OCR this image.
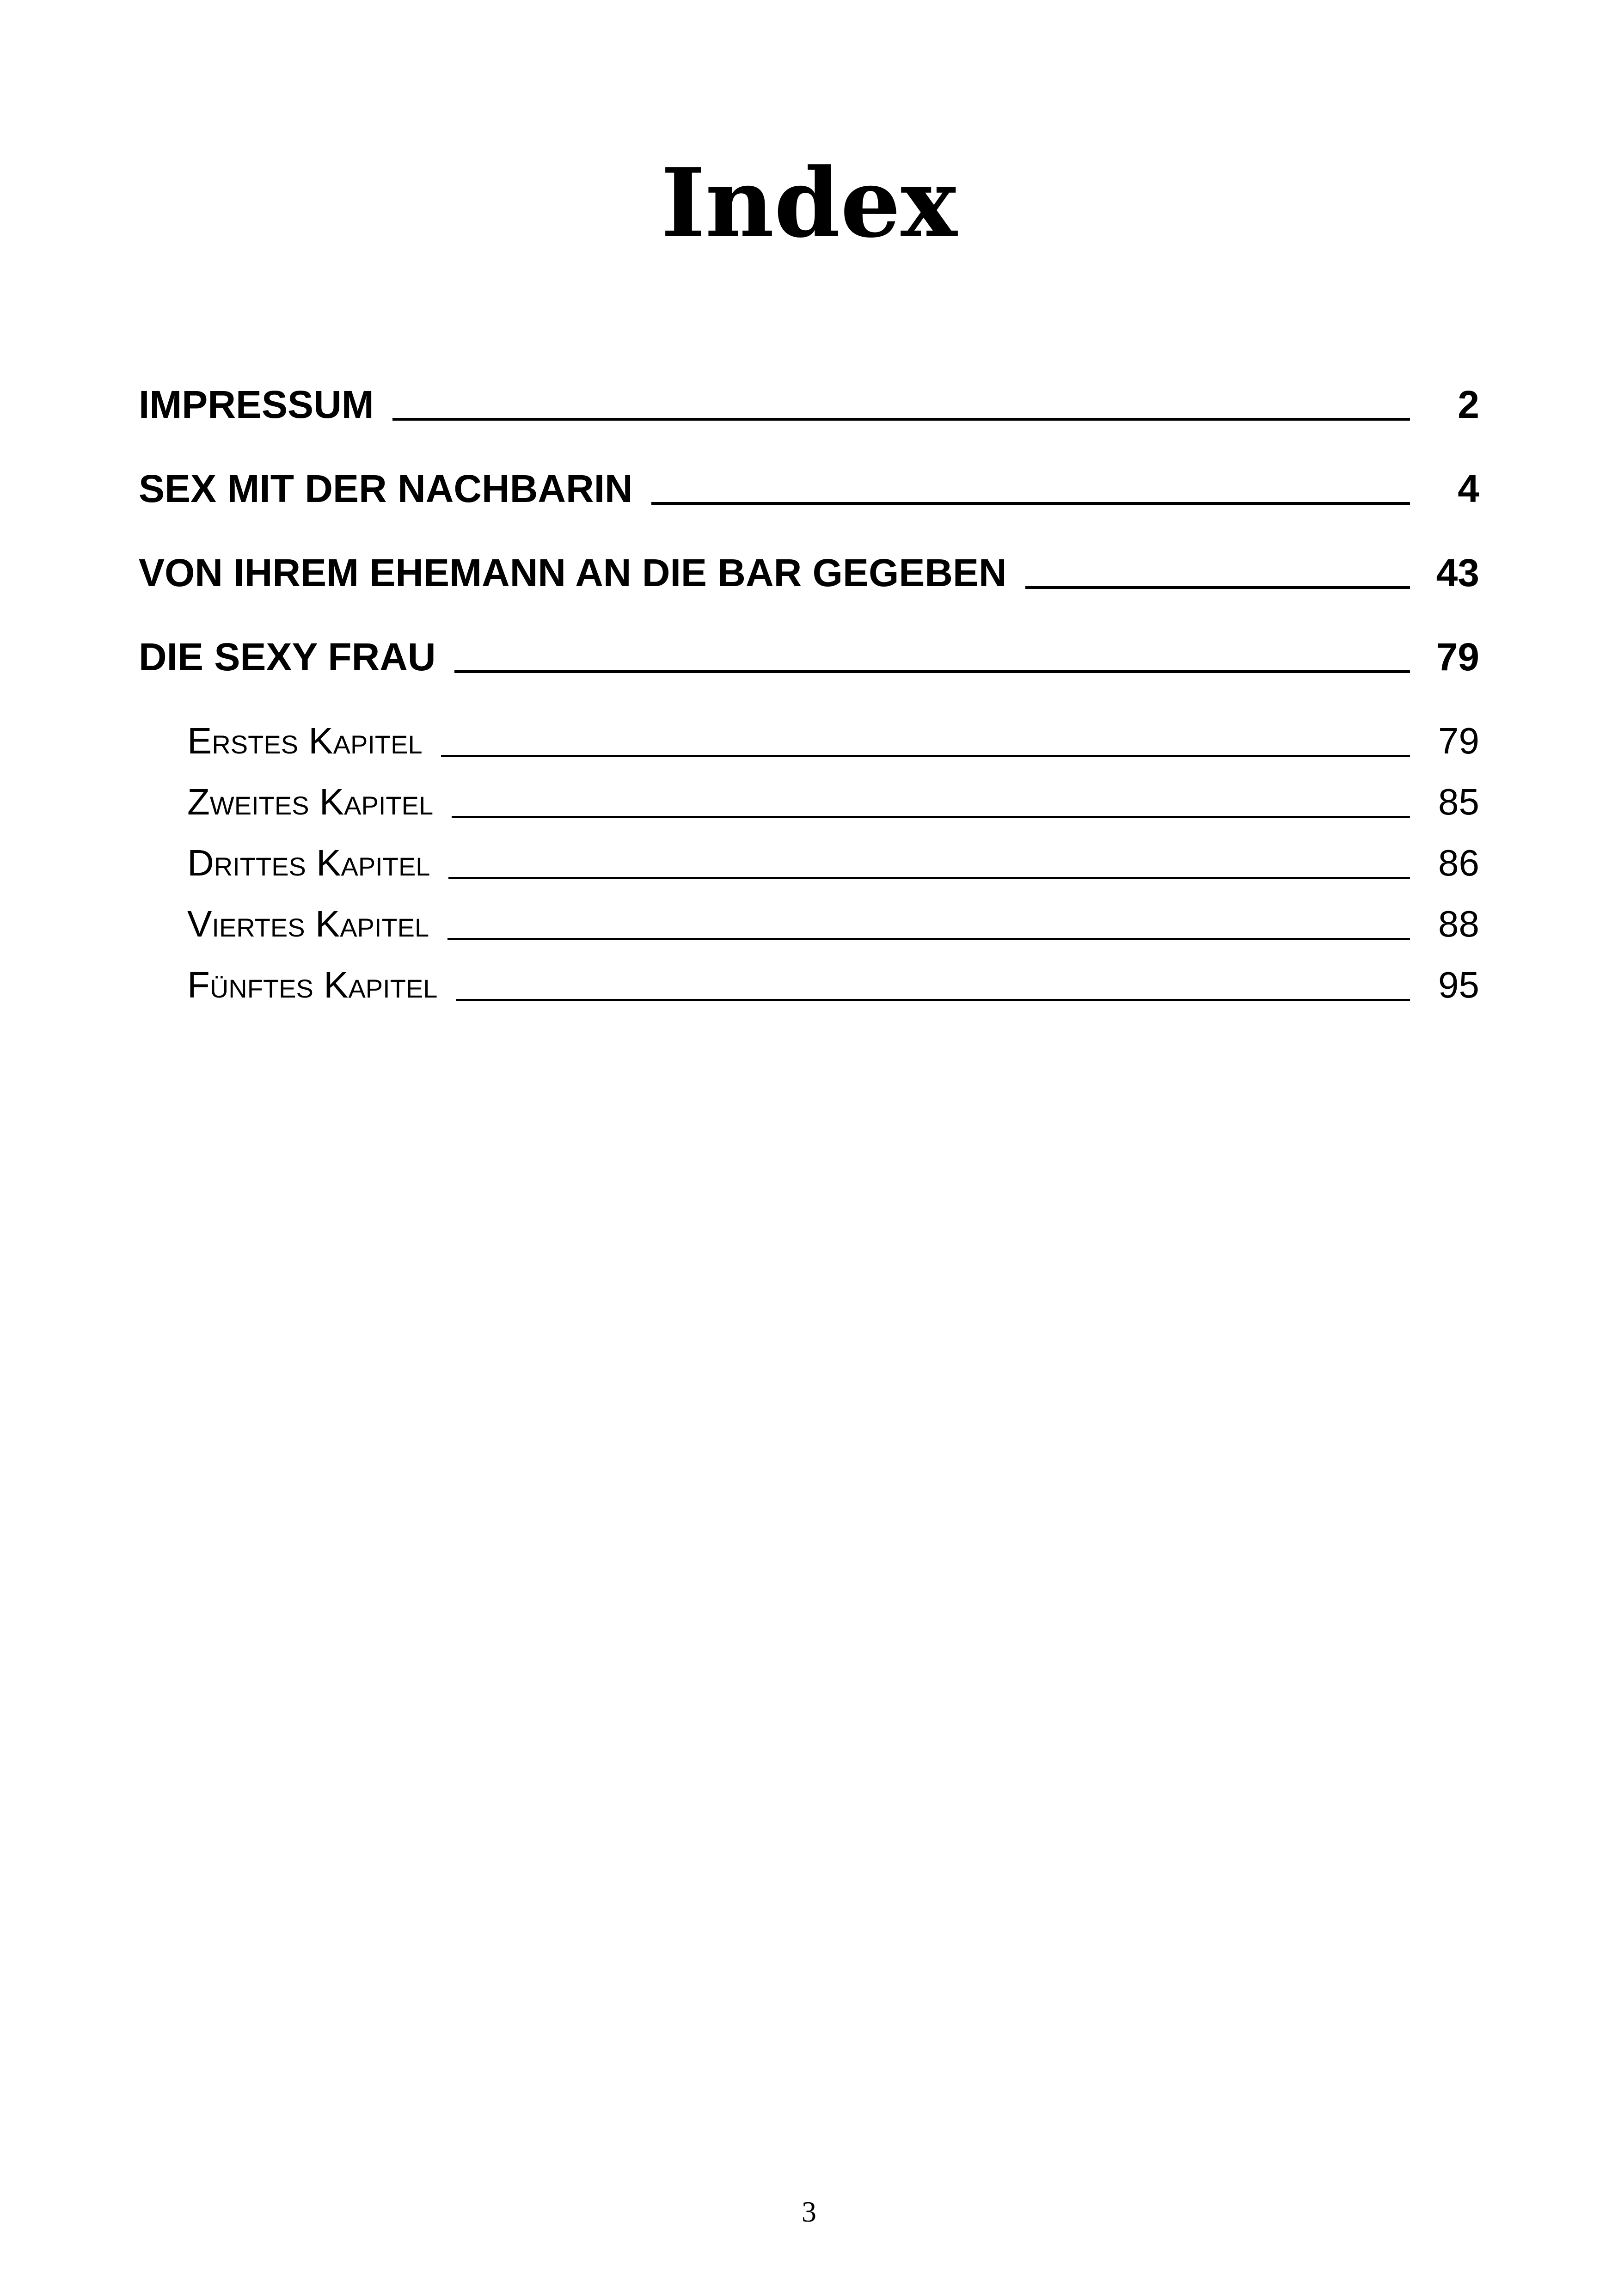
Index
IMPRESSUM	2
SEX MIT DER NACHBARIN	4
VON IHREM EHEMANN AN DIE BAR GEGEBEN	43
DIE SEXY FRAU	79
Erstes Kapitel	79
Zweites Kapitel	85
Drittes Kapitel	86
Viertes Kapitel	88
Fünftes Kapitel	95
3
